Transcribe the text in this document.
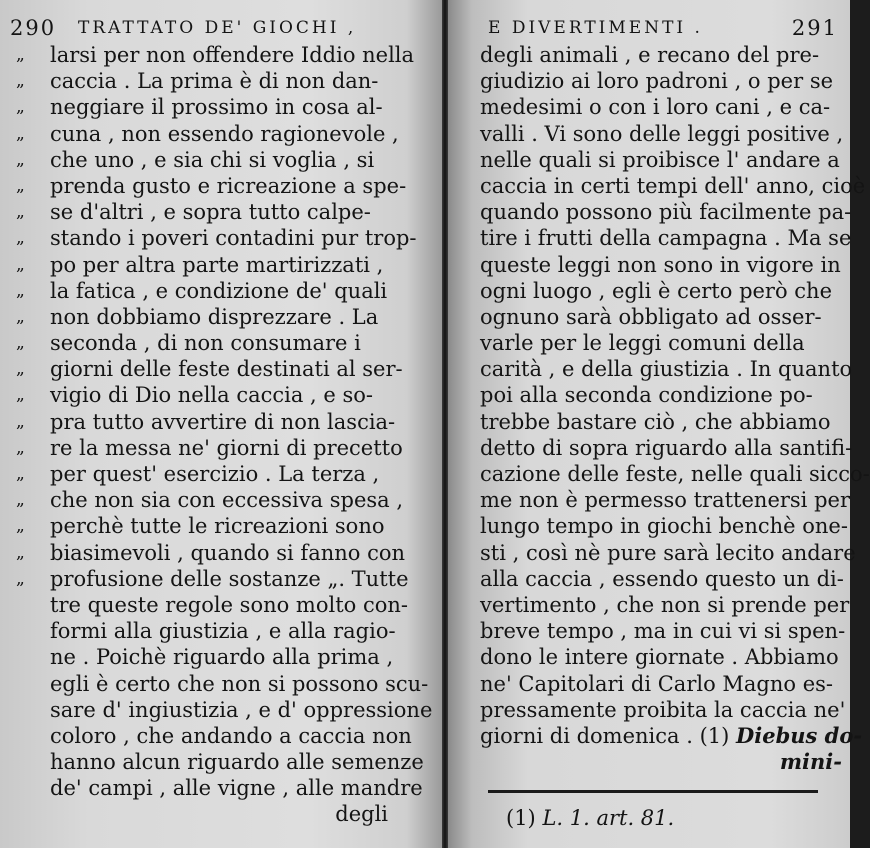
290 TRATTATO DE' GIOCHI ,
„	larsi per non offendere Iddio nella
„	caccia . La prima è di non dan-
„	neggiare il prossimo in cosa al-
„	cuna , non essendo ragionevole ,
„	che uno , e sia chi si voglia , si
„	prenda gusto e ricreazione a spe-
„	se d'altri , e sopra tutto calpe-
„	stando i poveri contadini pur trop-
„	po per altra parte martirizzati ,
„	la fatica , e condizione de' quali
„	non dobbiamo disprezzare . La
„	seconda , di non consumare i
„	giorni delle feste destinati al ser-
„	vigio di Dio nella caccia , e so-
„	pra tutto avvertire di non lascia-
„	re la messa ne' giorni di precetto
„	per quest' esercizio . La terza ,
„	che non sia con eccessiva spesa ,
„	perchè tutte le ricreazioni sono
„	biasimevoli , quando si fanno con
„	profusione delle sostanze „. Tutte
tre queste regole sono molto con-
formi alla giustizia , e alla ragio-
ne . Poichè riguardo alla prima ,
egli è certo che non si possono scu-
sare d' ingiustizia , e d' oppressione
coloro , che andando a caccia non
hanno alcun riguardo alle semenze
de' campi , alle vigne , alle mandre
degli
E DIVERTIMENTI .	291
degli animali , e recano del pre-
giudizio ai loro padroni , o per se
medesimi o con i loro cani , e ca-
valli . Vi sono delle leggi positive ,
nelle quali si proibisce l' andare a
caccia in certi tempi dell' anno, cioè
quando possono più facilmente pa-
tire i frutti della campagna . Ma se
queste leggi non sono in vigore in
ogni luogo , egli è certo però che
ognuno sarà obbligato ad osser-
varle per le leggi comuni della
carità , e della giustizia . In quanto
poi alla seconda condizione po-
trebbe bastare ciò , che abbiamo
detto di sopra riguardo alla santifi-
cazione delle feste, nelle quali sicco-
me non è permesso trattenersi per
lungo tempo in giochi benchè one-
sti , così nè pure sarà lecito andare
alla caccia , essendo questo un di-
vertimento , che non si prende per
breve tempo , ma in cui vi si spen-
dono le intere giornate . Abbiamo
ne' Capitolari di Carlo Magno es-
pressamente proibita la caccia ne'
giorni di domenica . (1) Diebus do-
mini-
(1) L. 1. art. 81.
